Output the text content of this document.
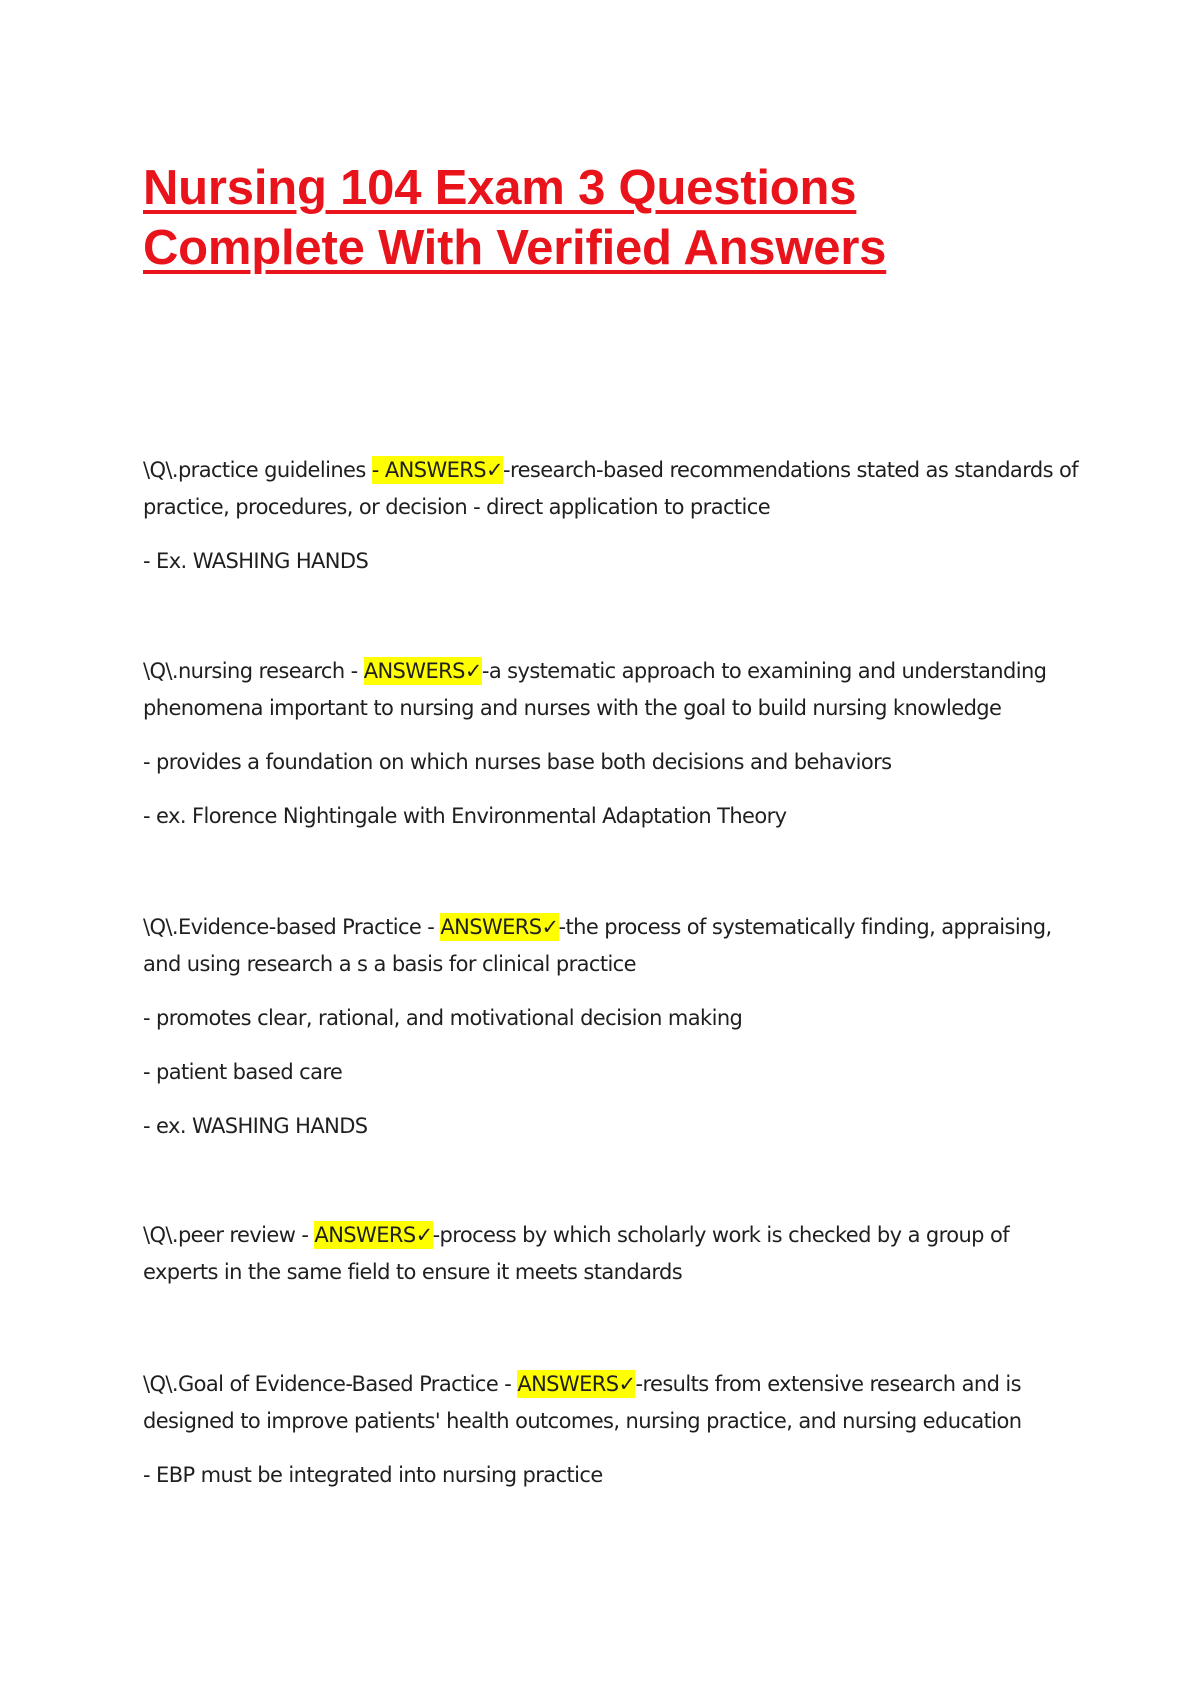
Nursing 104 Exam 3 Questions
Complete With Verified Answers

\Q\.practice guidelines - ANSWERS✓-research-based recommendations stated as standards of practice, procedures, or decision - direct application to practice

- Ex. WASHING HANDS

\Q\.nursing research - ANSWERS✓-a systematic approach to examining and understanding phenomena important to nursing and nurses with the goal to build nursing knowledge

- provides a foundation on which nurses base both decisions and behaviors

- ex. Florence Nightingale with Environmental Adaptation Theory

\Q\.Evidence-based Practice - ANSWERS✓-the process of systematically finding, appraising, and using research a s a basis for clinical practice

- promotes clear, rational, and motivational decision making

- patient based care

- ex. WASHING HANDS

\Q\.peer review - ANSWERS✓-process by which scholarly work is checked by a group of experts in the same field to ensure it meets standards

\Q\.Goal of Evidence-Based Practice - ANSWERS✓-results from extensive research and is designed to improve patients' health outcomes, nursing practice, and nursing education

- EBP must be integrated into nursing practice
